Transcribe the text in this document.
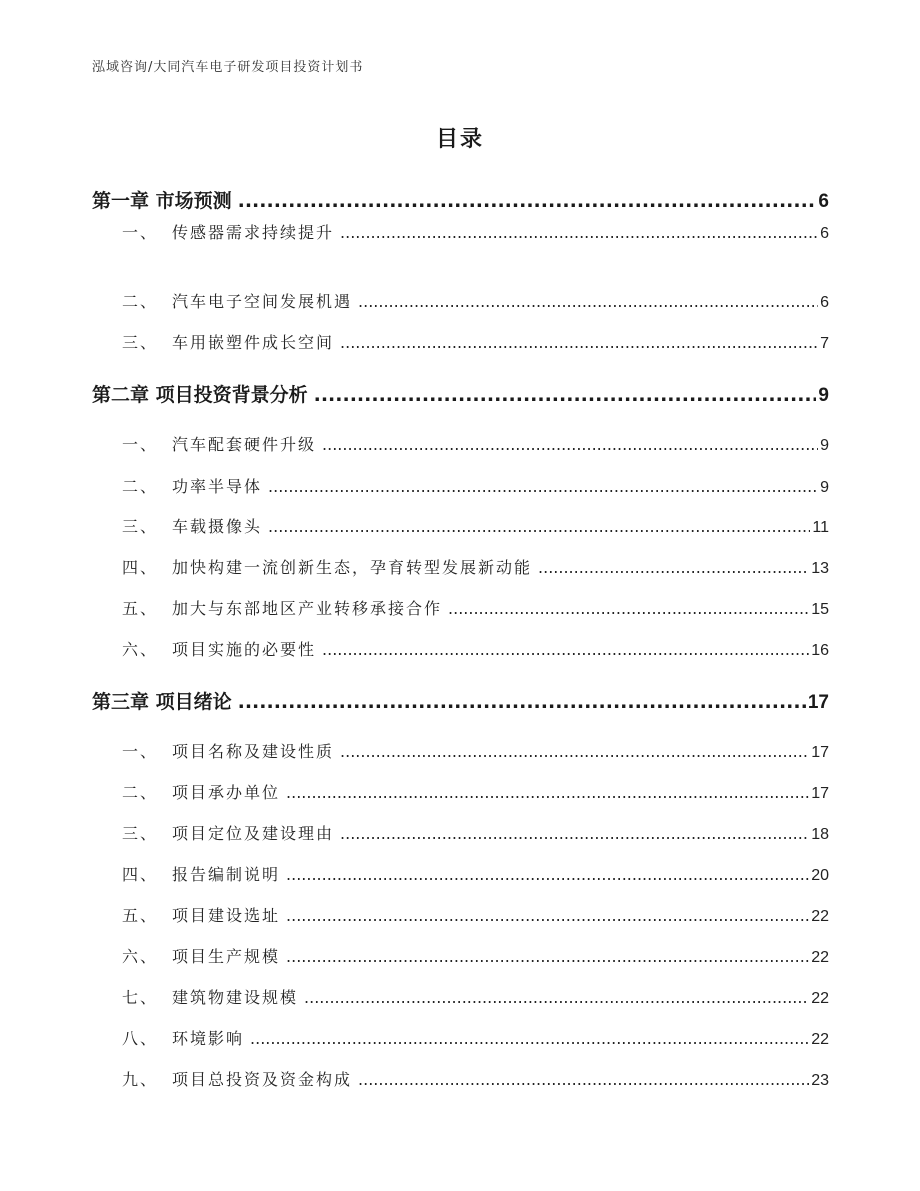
泓域咨询/大同汽车电子研发项目投资计划书
目录
第一章 市场预测 .....	6
一、 传感器需求持续提升 .....	6
二、 汽车电子空间发展机遇 .....	6
三、 车用嵌塑件成长空间 .....	7
第二章 项目投资背景分析 .....	9
一、 汽车配套硬件升级 .....	9
二、 功率半导体 .....	9
三、 车载摄像头 .....	11
四、 加快构建一流创新生态，孕育转型发展新动能 .....	13
五、 加大与东部地区产业转移承接合作 .....	15
六、 项目实施的必要性 .....	16
第三章 项目绪论 .....	17
一、 项目名称及建设性质 .....	17
二、 项目承办单位 .....	17
三、 项目定位及建设理由 .....	18
四、 报告编制说明 .....	20
五、 项目建设选址 .....	22
六、 项目生产规模 .....	22
七、 建筑物建设规模 .....	22
八、 环境影响 .....	22
九、 项目总投资及资金构成 .....	23
